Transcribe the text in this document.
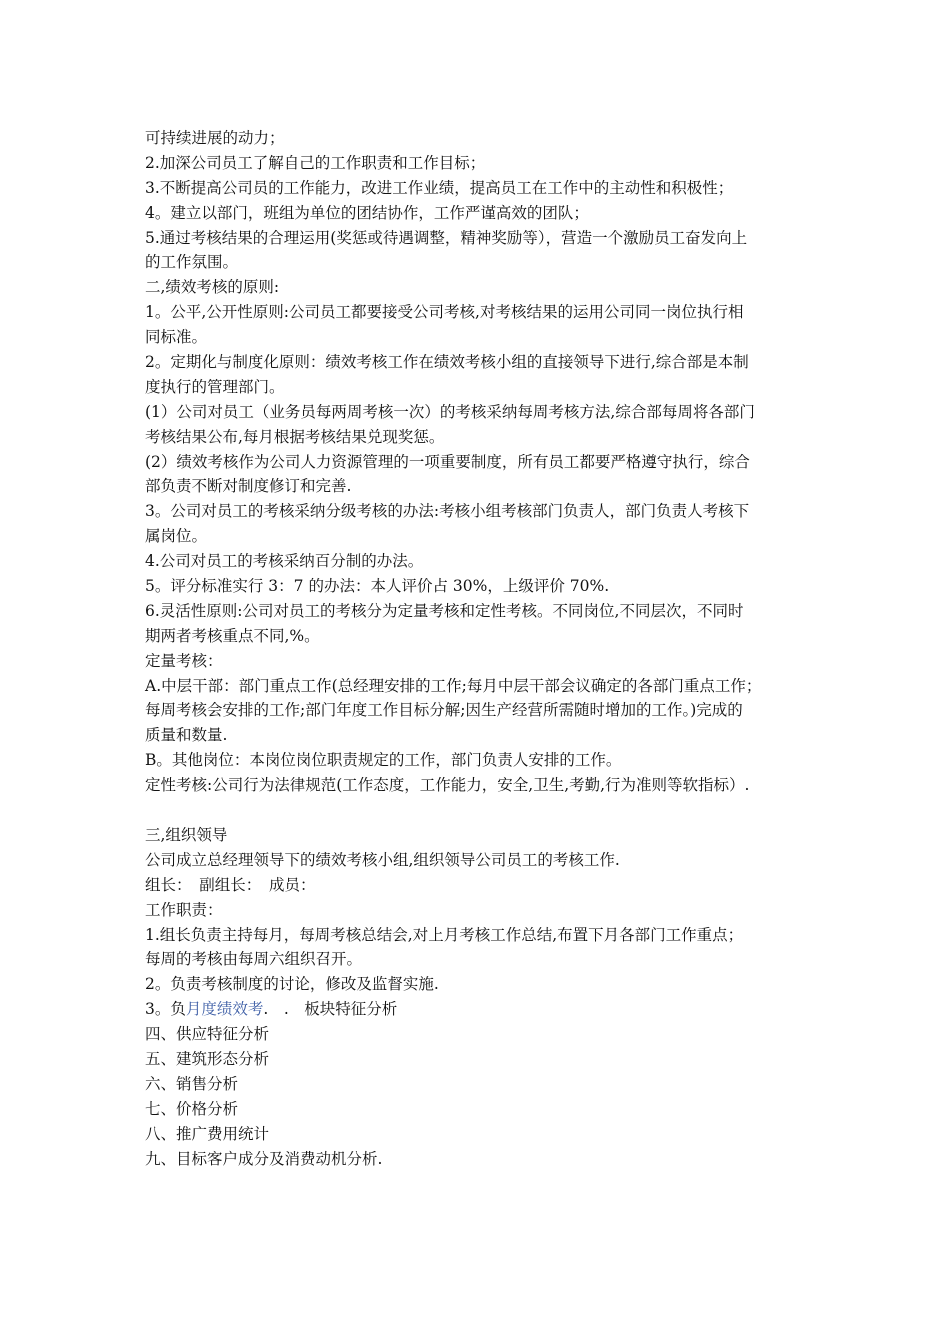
可持续进展的动力；
2.加深公司员工了解自己的工作职责和工作目标；
3.不断提高公司员的工作能力，改进工作业绩，提高员工在工作中的主动性和积极性；
4。建立以部门，班组为单位的团结协作，工作严谨高效的团队；
5.通过考核结果的合理运用(奖惩或待遇调整，精神奖励等），营造一个激励员工奋发向上
的工作氛围。
二,绩效考核的原则:
1。公平,公开性原则:公司员工都要接受公司考核,对考核结果的运用公司同一岗位执行相
同标准。
2。定期化与制度化原则：绩效考核工作在绩效考核小组的直接领导下进行,综合部是本制
度执行的管理部门。
(1）公司对员工（业务员每两周考核一次）的考核采纳每周考核方法,综合部每周将各部门
考核结果公布,每月根据考核结果兑现奖惩。
(2）绩效考核作为公司人力资源管理的一项重要制度，所有员工都要严格遵守执行，综合
部负责不断对制度修订和完善.
3。公司对员工的考核采纳分级考核的办法:考核小组考核部门负责人，部门负责人考核下
属岗位。
4.公司对员工的考核采纳百分制的办法。
5。评分标准实行 3：7 的办法：本人评价占 30%，上级评价 70%.
6.灵活性原则:公司对员工的考核分为定量考核和定性考核。不同岗位,不同层次，不同时
期两者考核重点不同,%。
定量考核：
A.中层干部：部门重点工作(总经理安排的工作;每月中层干部会议确定的各部门重点工作；
每周考核会安排的工作;部门年度工作目标分解;因生产经营所需随时增加的工作。)完成的
质量和数量.
B。其他岗位：本岗位岗位职责规定的工作，部门负责人安排的工作。
定性考核:公司行为法律规范(工作态度，工作能力，安全,卫生,考勤,行为准则等软指标）.
三,组织领导
公司成立总经理领导下的绩效考核小组,组织领导公司员工的考核工作.
组长：　副组长：　成员：
工作职责：
1.组长负责主持每月，每周考核总结会,对上月考核工作总结,布置下月各部门工作重点；
每周的考核由每周六组织召开。
2。负责考核制度的讨论，修改及监督实施.
3。负月度绩效考.　.　板块特征分析
四、供应特征分析
五、建筑形态分析
六、销售分析
七、价格分析
八、推广费用统计
九、目标客户成分及消费动机分析.
